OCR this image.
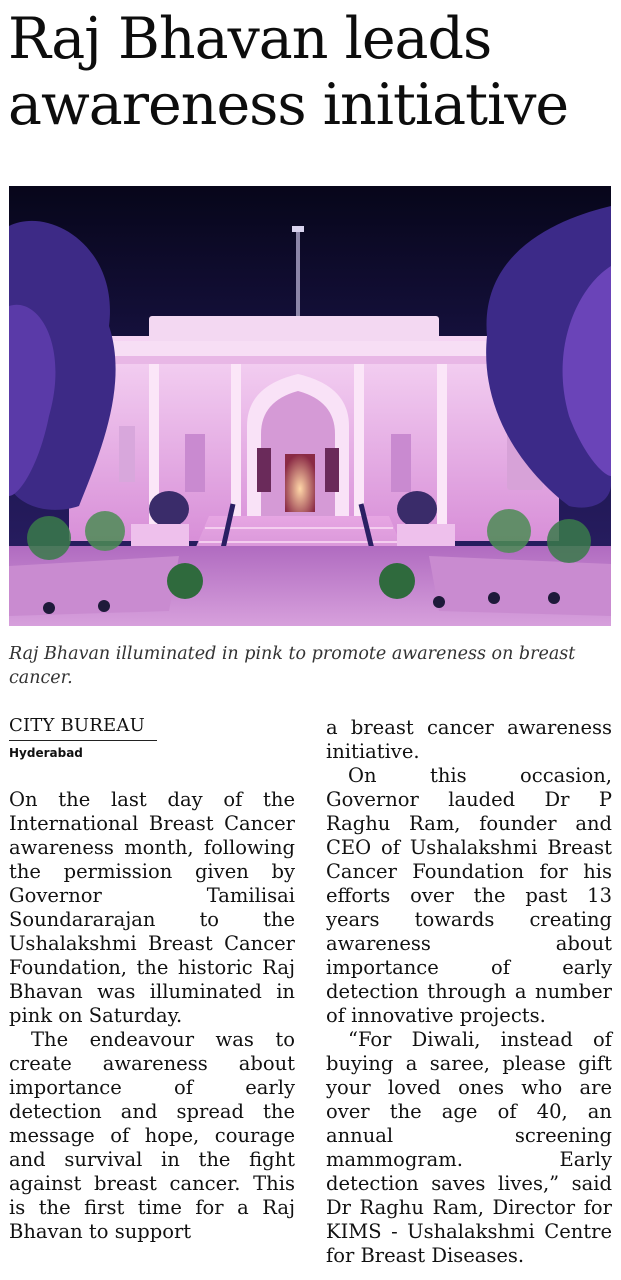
Raj Bhavan leads awareness initiative

Raj Bhavan illuminated in pink to promote awareness on breast cancer.

CITY BUREAU
Hyderabad

On the last day of the International Breast Cancer awareness month, following the permission given by Governor Tamilisai Soundararajan to the Ushalakshmi Breast Cancer Foundation, the historic Raj Bhavan was illuminated in pink on Saturday.

The endeavour was to create awareness about importance of early detection and spread the message of hope, courage and survival in the fight against breast cancer. This is the first time for a Raj Bhavan to support

a breast cancer awareness initiative.

On this occasion, Governor lauded Dr P Raghu Ram, founder and CEO of Ushalakshmi Breast Cancer Foundation for his efforts over the past 13 years towards creating awareness about importance of early detection through a number of innovative projects.

“For Diwali, instead of buying a saree, please gift your loved ones who are over the age of 40, an annual screening mammogram. Early detection saves lives,” said Dr Raghu Ram, Director for KIMS - Ushalakshmi Centre for Breast Diseases.
